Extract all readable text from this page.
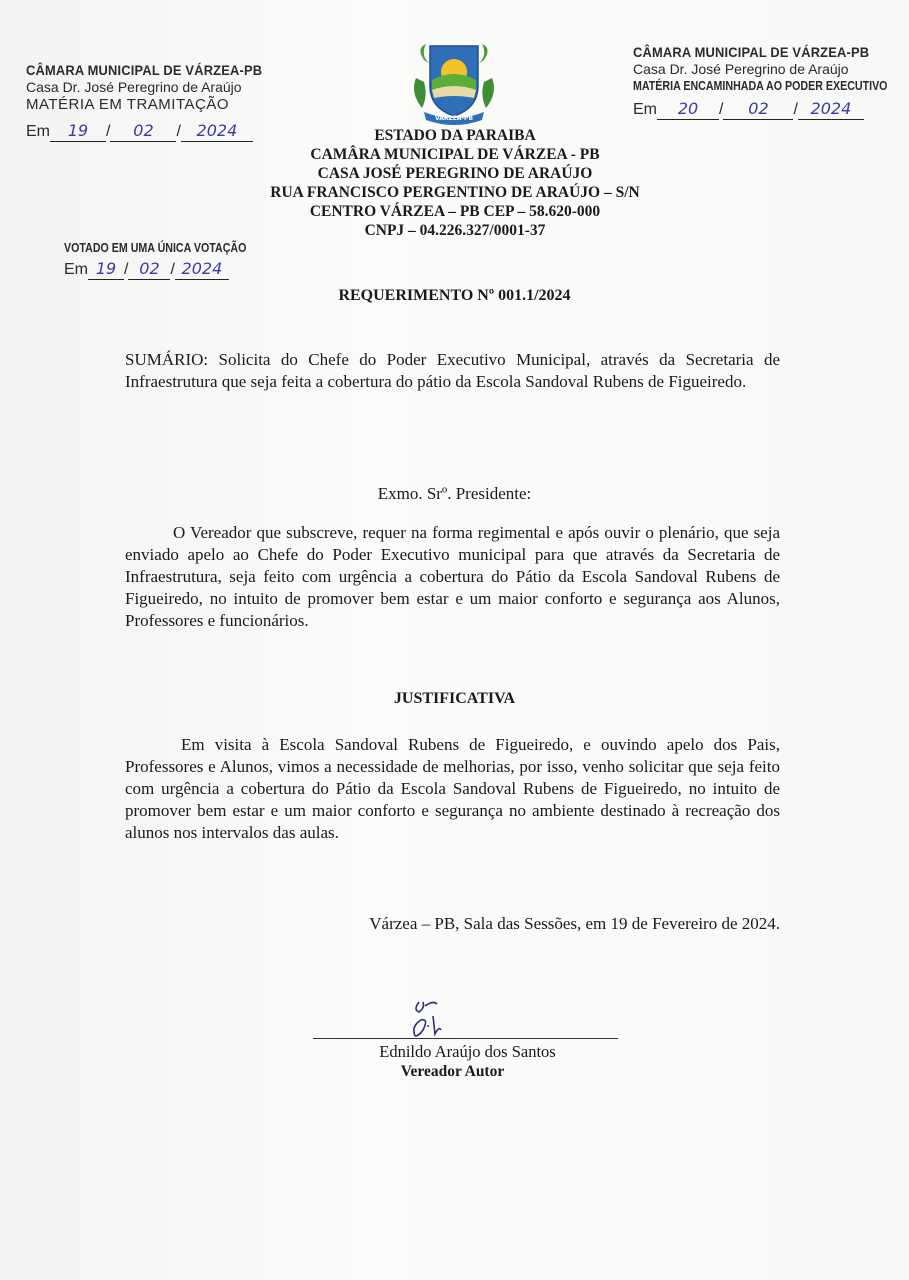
CÂMARA MUNICIPAL DE VÁRZEA-PB
Casa Dr. José Peregrino de Araújo
MATÉRIA EM TRAMITAÇÃO
Em 19 / 02 / 2024
CÂMARA MUNICIPAL DE VÁRZEA-PB
Casa Dr. José Peregrino de Araújo
MATÉRIA ENCAMINHADA AO PODER EXECUTIVO
Em 20 / 02 / 2024
VOTADO EM UMA ÚNICA VOTAÇÃO
Em 19 / 02 / 2024
VÁRZEA-PB
ESTADO DA PARAIBA
CAMÂRA MUNICIPAL DE VÁRZEA - PB
CASA JOSÉ PEREGRINO DE ARAÚJO
RUA FRANCISCO PERGENTINO DE ARAÚJO – S/N
CENTRO VÁRZEA – PB CEP – 58.620-000
CNPJ – 04.226.327/0001-37
REQUERIMENTO Nº 001.1/2024
SUMÁRIO: Solicita do Chefe do Poder Executivo Municipal, através da Secretaria de Infraestrutura que seja feita a cobertura do pátio da Escola Sandoval Rubens de Figueiredo.
Exmo. Srº. Presidente:
O Vereador que subscreve, requer na forma regimental e após ouvir o plenário, que seja enviado apelo ao Chefe do Poder Executivo municipal para que através da Secretaria de Infraestrutura, seja feito com urgência a cobertura do Pátio da Escola Sandoval Rubens de Figueiredo, no intuito de promover bem estar e um maior conforto e segurança aos Alunos, Professores e funcionários.
JUSTIFICATIVA
Em visita à Escola Sandoval Rubens de Figueiredo, e ouvindo apelo dos Pais, Professores e Alunos, vimos a necessidade de melhorias, por isso, venho solicitar que seja feito com urgência a cobertura do Pátio da Escola Sandoval Rubens de Figueiredo, no intuito de promover bem estar e um maior conforto e segurança no ambiente destinado à recreação dos alunos nos intervalos das aulas.
Várzea – PB, Sala das Sessões, em 19 de Fevereiro de 2024.
Ednildo Araújo dos Santos
Vereador Autor
